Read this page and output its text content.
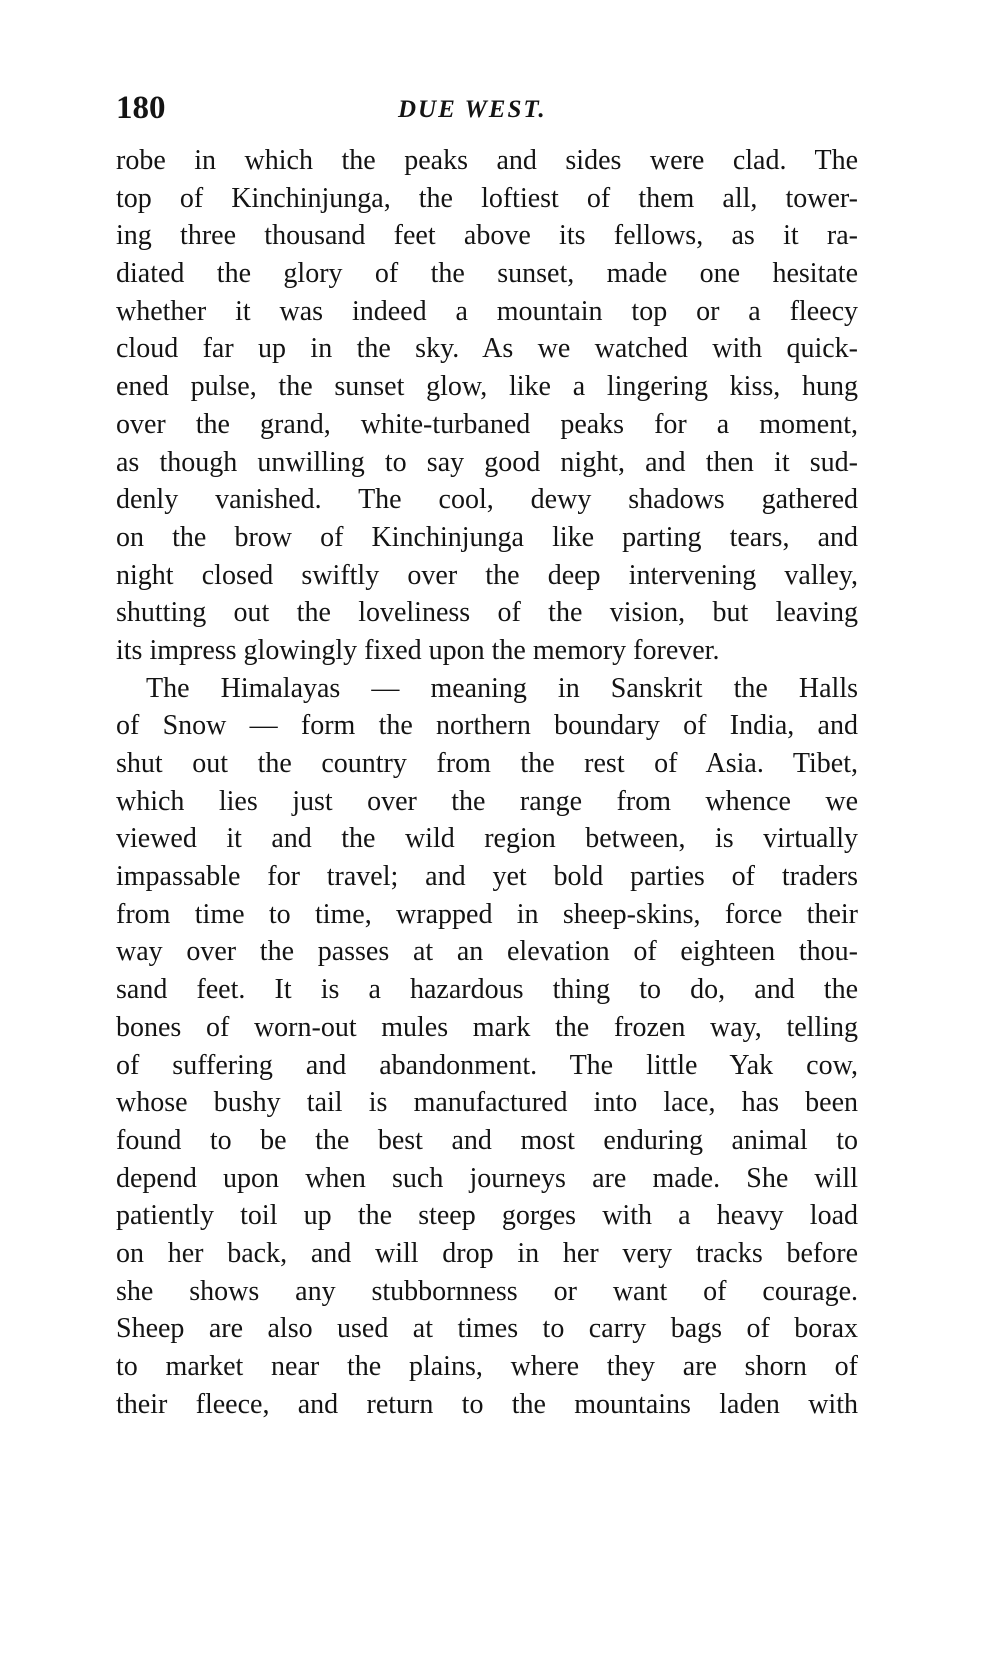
180	DUE WEST.
robe in which the peaks and sides were clad. The
top of Kinchinjunga, the loftiest of them all, tower-
ing three thousand feet above its fellows, as it ra-
diated the glory of the sunset, made one hesitate
whether it was indeed a mountain top or a fleecy
cloud far up in the sky. As we watched with quick-
ened pulse, the sunset glow, like a lingering kiss, hung
over the grand, white-turbaned peaks for a moment,
as though unwilling to say good night, and then it sud-
denly vanished. The cool, dewy shadows gathered
on the brow of Kinchinjunga like parting tears, and
night closed swiftly over the deep intervening valley,
shutting out the loveliness of the vision, but leaving
its impress glowingly fixed upon the memory forever.
The Himalayas — meaning in Sanskrit the Halls
of Snow — form the northern boundary of India, and
shut out the country from the rest of Asia. Tibet,
which lies just over the range from whence we
viewed it and the wild region between, is virtually
impassable for travel; and yet bold parties of traders
from time to time, wrapped in sheep-skins, force their
way over the passes at an elevation of eighteen thou-
sand feet. It is a hazardous thing to do, and the
bones of worn-out mules mark the frozen way, telling
of suffering and abandonment. The little Yak cow,
whose bushy tail is manufactured into lace, has been
found to be the best and most enduring animal to
depend upon when such journeys are made. She will
patiently toil up the steep gorges with a heavy load
on her back, and will drop in her very tracks before
she shows any stubbornness or want of courage.
Sheep are also used at times to carry bags of borax
to market near the plains, where they are shorn of
their fleece, and return to the mountains laden with
